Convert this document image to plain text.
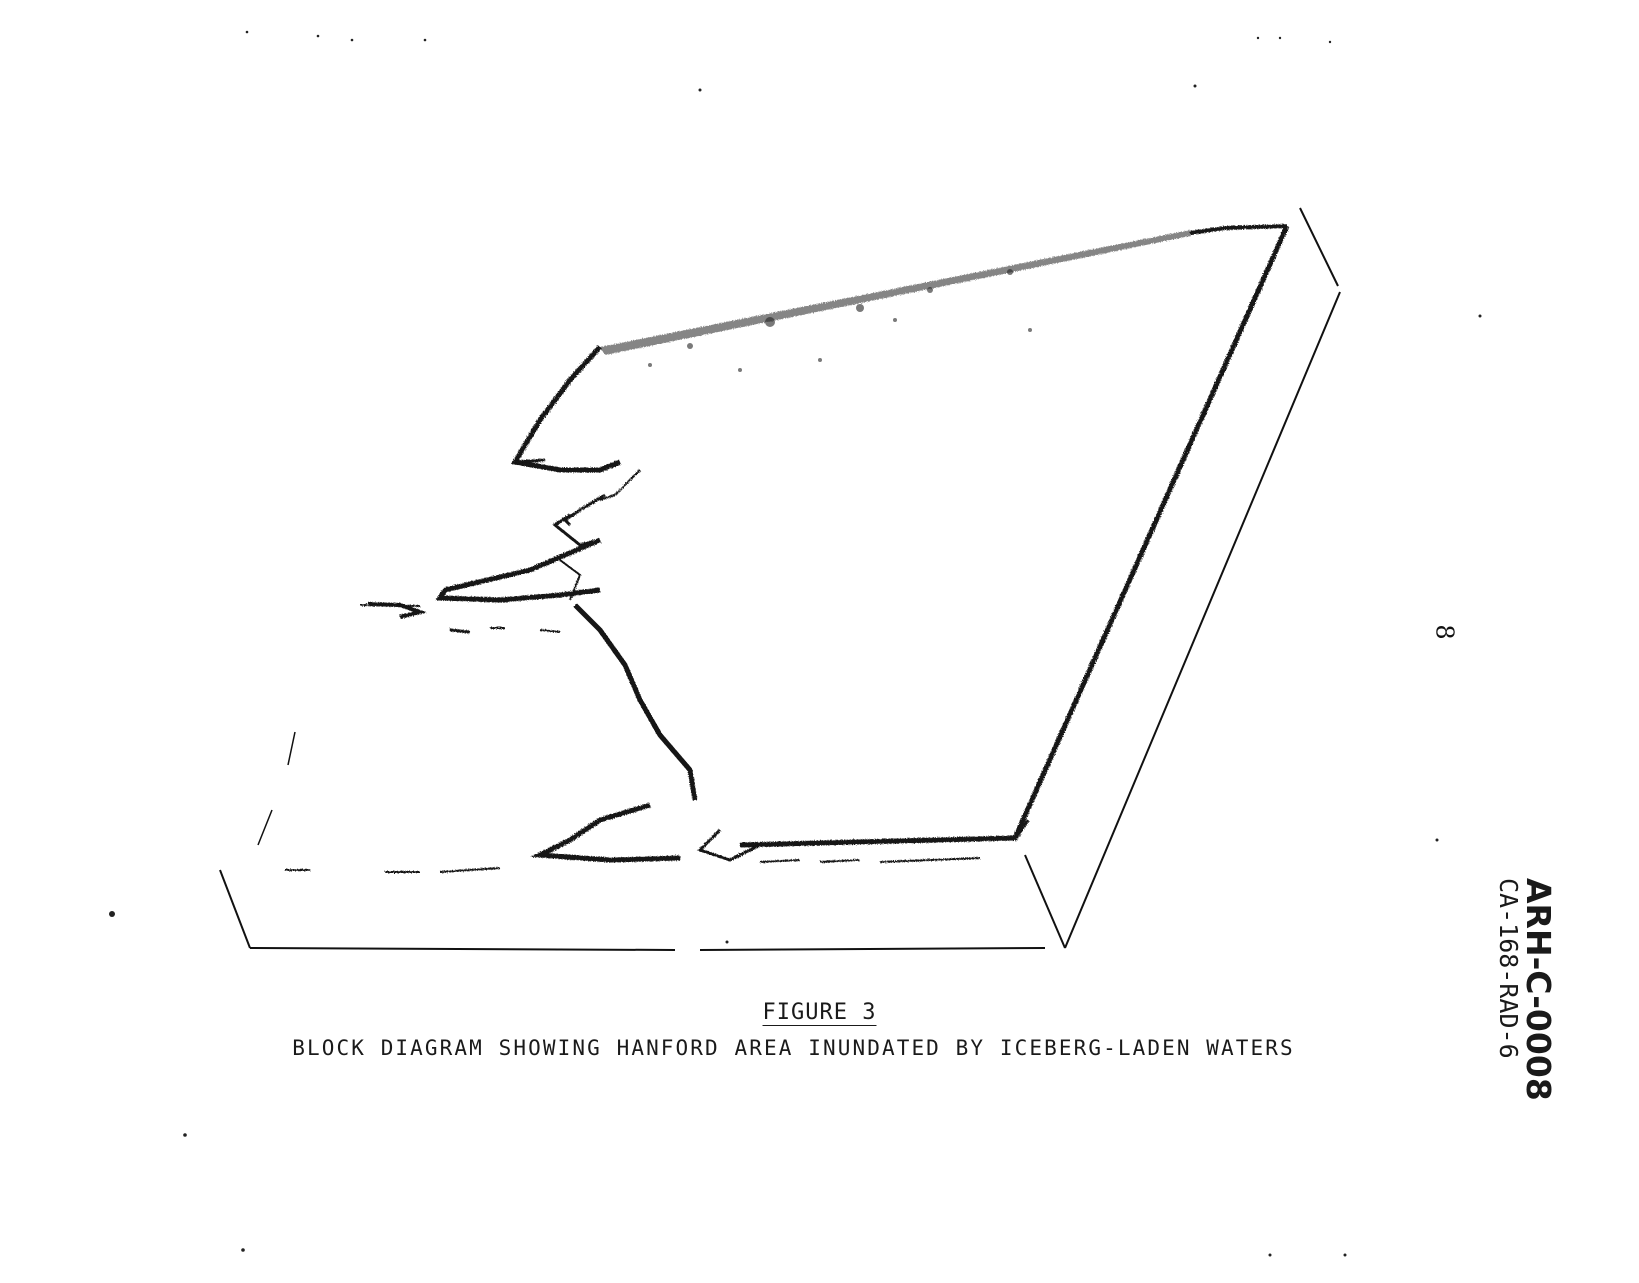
FIGURE 3
BLOCK DIAGRAM SHOWING HANFORD AREA INUNDATED BY ICEBERG-LADEN WATERS
8
ARH-C-0008
CA-168-RAD-6
